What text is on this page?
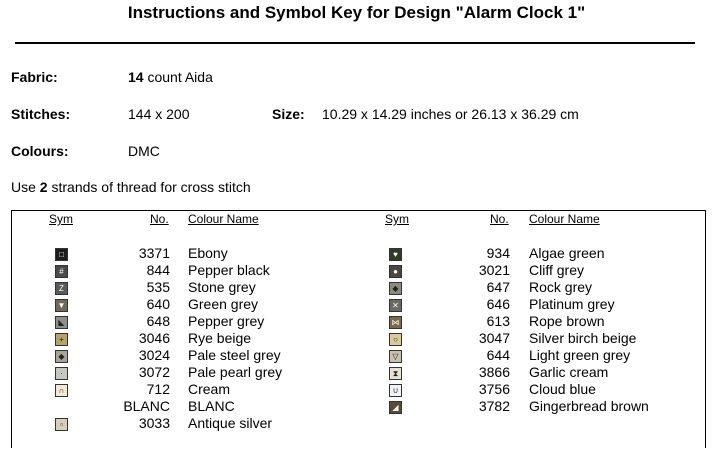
Instructions and Symbol Key for Design "Alarm Clock 1"
Fabric:	14 count Aida
Stitches:	144 x 200	Size: 10.29 x 14.29 inches or 26.13 x 36.29 cm
Colours:	DMC
Use 2 strands of thread for cross stitch
Sym	No. Colour Name	Sym	No. Colour Name
□	3371 Ebony
#	844 Pepper black
Z	535 Stone grey
▼	640 Green grey
◣	648 Pepper grey
+	3046 Rye beige
◆	3024 Pale steel grey
·	3072 Pale pearl grey
∩	712 Cream
BLANC BLANC
▫	3033 Antique silver
♥	934 Algae green
●	3021 Cliff grey
◆	647 Rock grey
✕	646 Platinum grey
⋈	613 Rope brown
○	3047 Silver birch beige
▽	644 Light green grey
⧗	3866 Garlic cream
∪	3756 Cloud blue
◢	3782 Gingerbread brown
